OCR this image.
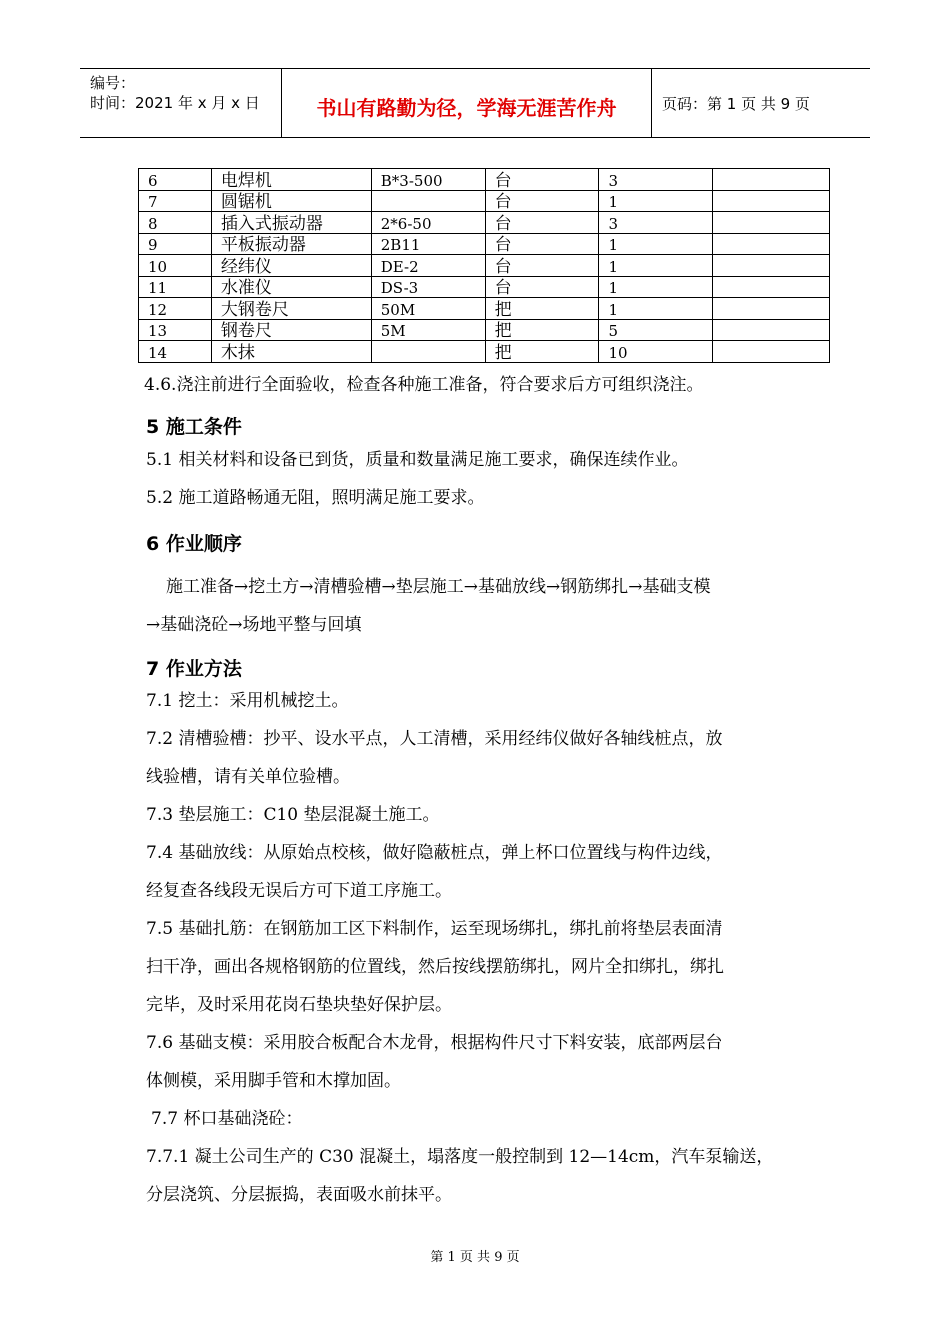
编号：
时间：2021 年 x 月 x 日	书山有路勤为径，学海无涯苦作舟	页码：第 1 页 共 9 页
6	电焊机	B*3-500	台	3	
7	圆锯机		台	1	
8	插入式振动器	2*6-50	台	3	
9	平板振动器	2B11	台	1	
10	经纬仪	DE-2	台	1	
11	水准仪	DS-3	台	1	
12	大钢卷尺	50M	把	1	
13	钢卷尺	5M	把	5	
14	木抹		把	10	

4.6.浇注前进行全面验收，检查各种施工准备，符合要求后方可组织浇注。

5 施工条件

5.1 相关材料和设备已到货，质量和数量满足施工要求，确保连续作业。

5.2 施工道路畅通无阻，照明满足施工要求。

6 作业顺序

施工准备→挖土方→清槽验槽→垫层施工→基础放线→钢筋绑扎→基础支模

→基础浇砼→场地平整与回填

7 作业方法

7.1 挖土：采用机械挖土。

7.2 清槽验槽：抄平、设水平点，人工清槽，采用经纬仪做好各轴线桩点，放

线验槽，请有关单位验槽。

7.3 垫层施工：C10 垫层混凝土施工。

7.4 基础放线：从原始点校核，做好隐蔽桩点，弹上杯口位置线与构件边线，

经复查各线段无误后方可下道工序施工。

7.5 基础扎筋：在钢筋加工区下料制作，运至现场绑扎，绑扎前将垫层表面清

扫干净，画出各规格钢筋的位置线，然后按线摆筋绑扎，网片全扣绑扎，绑扎

完毕，及时采用花岗石垫块垫好保护层。

7.6 基础支模：采用胶合板配合木龙骨，根据构件尺寸下料安装，底部两层台

体侧模，采用脚手管和木撑加固。

7.7 杯口基础浇砼：

7.7.1 凝土公司生产的 C30 混凝土，塌落度一般控制到 12—14cm，汽车泵输送，

分层浇筑、分层振捣，表面吸水前抹平。

第 1 页 共 9 页
